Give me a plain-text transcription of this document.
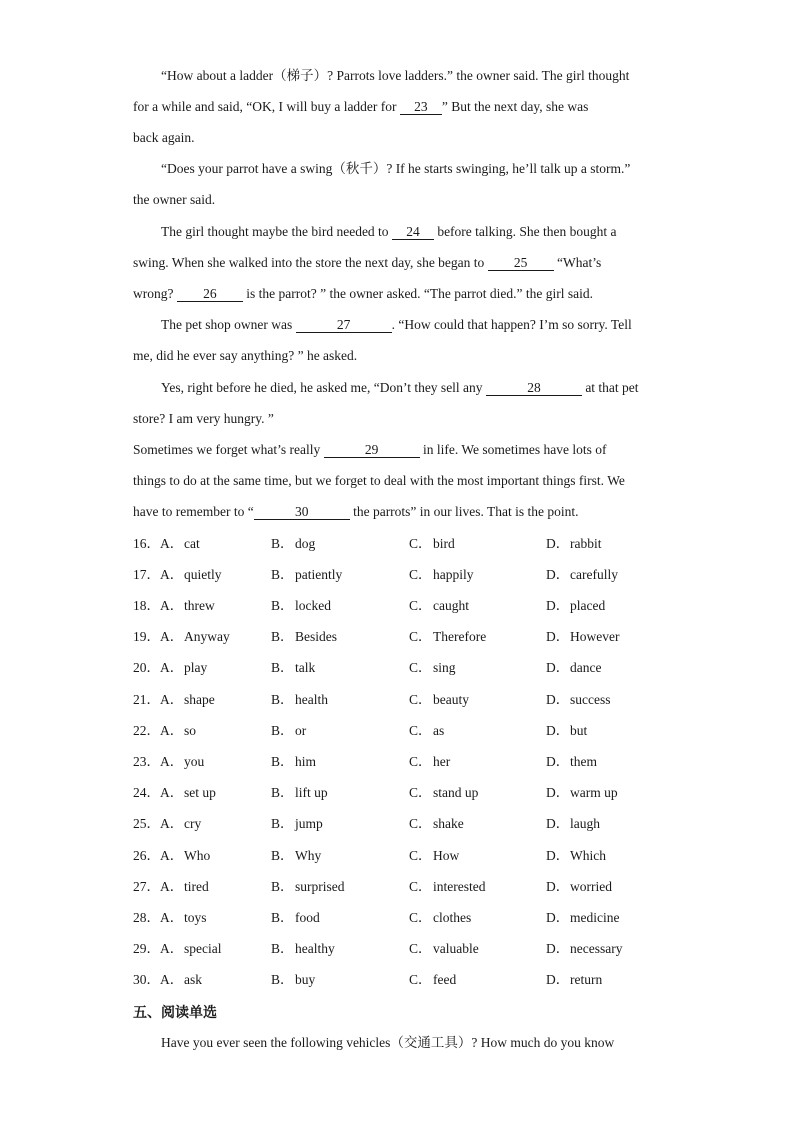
“How about a ladder（梯子）? Parrots love ladders.” the owner said. The girl thought
for a while and said, “OK, I will buy a ladder for 23 ” But the next day, she was
back again.
“Does your parrot have a swing（秋千）? If he starts swinging, he’ll talk up a storm.”
the owner said.
The girl thought maybe the bird needed to 24 before talking. She then bought a
swing. When she walked into the store the next day, she began to 25 “What’s
wrong? 26 is the parrot? ” the owner asked. “The parrot died.” the girl said.
The pet shop owner was	27	. “How could that happen? I’m so sorry. Tell
me, did he ever say anything? ” he asked.
Yes, right before he died, he asked me, “Don’t they sell any	28	at that pet
store? I am very hungry. ”
Sometimes we forget what’s really	29	in life. We sometimes have lots of
things to do at the same time, but we forget to deal with the most important things first. We
have to remember to “	30	the parrots” in our lives. That is the point.
16． A．cat	B．dog	C．bird	D．rabbit
17． A．quietly	B．patiently	C．happily	D．carefully
18． A．threw	B．locked	C．caught	D．placed
19． A．Anyway	B．Besides	C．Therefore	D．However
20． A．play	B．talk	C．sing	D．dance
21． A．shape	B．health	C．beauty	D．success
22． A．so	B．or	C．as	D．but
23． A．you	B．him	C．her	D．them
24． A．set up	B．lift up	C．stand up	D．warm up
25． A．cry	B．jump	C．shake	D．laugh
26． A．Who	B．Why	C．How	D．Which
27． A．tired	B．surprised	C．interested	D．worried
28． A．toys	B．food	C．clothes	D．medicine
29． A．special	B．healthy	C．valuable	D．necessary
30． A．ask	B．buy	C．feed	D．return
五、阅读单选
Have you ever seen the following vehicles（交通工具）? How much do you know
